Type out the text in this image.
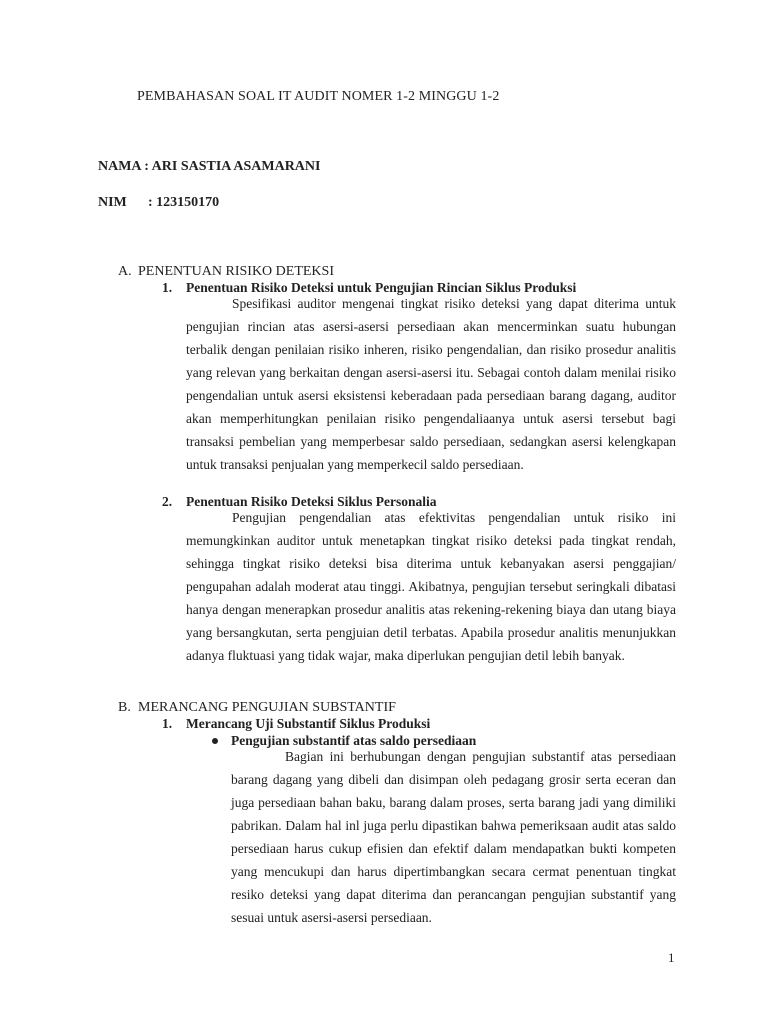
PEMBAHASAN SOAL IT AUDIT NOMER 1-2 MINGGU 1-2
NAMA : ARI SASTIA ASAMARANI
NIM : 123150170
A. PENENTUAN RISIKO DETEKSI
1. Penentuan Risiko Deteksi untuk Pengujian Rincian Siklus Produksi

Spesifikasi auditor mengenai tingkat risiko deteksi yang dapat diterima untuk pengujian rincian atas asersi-asersi persediaan akan mencerminkan suatu hubungan terbalik dengan penilaian risiko inheren, risiko pengendalian, dan risiko prosedur analitis yang relevan yang berkaitan dengan asersi-asersi itu. Sebagai contoh dalam menilai risiko pengendalian untuk asersi eksistensi keberadaan pada persediaan barang dagang, auditor akan memperhitungkan penilaian risiko pengendaliaanya untuk asersi tersebut bagi transaksi pembelian yang memperbesar saldo persediaan, sedangkan asersi kelengkapan untuk transaksi penjualan yang memperkecil saldo persediaan.

2. Penentuan Risiko Deteksi Siklus Personalia

Pengujian pengendalian atas efektivitas pengendalian untuk risiko ini memungkinkan auditor untuk menetapkan tingkat risiko deteksi pada tingkat rendah, sehingga tingkat risiko deteksi bisa diterima untuk kebanyakan asersi penggajian/ pengupahan adalah moderat atau tinggi. Akibatnya, pengujian tersebut seringkali dibatasi hanya dengan menerapkan prosedur analitis atas rekening-rekening biaya dan utang biaya yang bersangkutan, serta pengjuian detil terbatas. Apabila prosedur analitis menunjukkan adanya fluktuasi yang tidak wajar, maka diperlukan pengujian detil lebih banyak.

B. MERANCANG PENGUJIAN SUBSTANTIF
1. Merancang Uji Substantif Siklus Produksi
Pengujian substantif atas saldo persediaan

Bagian ini berhubungan dengan pengujian substantif atas persediaan barang dagang yang dibeli dan disimpan oleh pedagang grosir serta eceran dan juga persediaan bahan baku, barang dalam proses, serta barang jadi yang dimiliki pabrikan. Dalam hal inl juga perlu dipastikan bahwa pemeriksaan audit atas saldo persediaan harus cukup efisien dan efektif dalam mendapatkan bukti kompeten yang mencukupi dan harus dipertimbangkan secara cermat penentuan tingkat resiko deteksi yang dapat diterima dan perancangan pengujian substantif yang sesuai untuk asersi-asersi persediaan.

1
